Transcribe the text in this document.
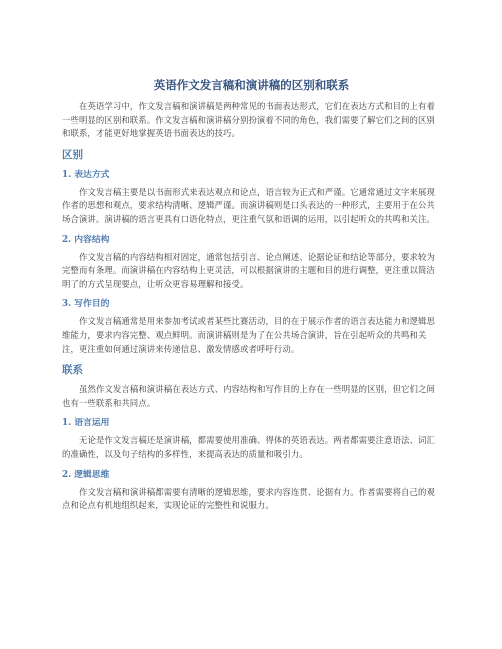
英语作文发言稿和演讲稿的区别和联系

在英语学习中，作文发言稿和演讲稿是两种常见的书面表达形式，它们在表达方式和目的上有着一些明显的区别和联系。作文发言稿和演讲稿分别扮演着不同的角色，我们需要了解它们之间的区别和联系，才能更好地掌握英语书面表达的技巧。

区别
1. 表达方式

作文发言稿主要是以书面形式来表达观点和论点，语言较为正式和严谨。它通常通过文字来展现作者的思想和观点，要求结构清晰、逻辑严谨。而演讲稿则是口头表达的一种形式，主要用于在公共场合演讲。演讲稿的语言更具有口语化特点，更注重气氛和语调的运用，以引起听众的共鸣和关注。

2. 内容结构

作文发言稿的内容结构相对固定，通常包括引言、论点阐述、论据论证和结论等部分，要求较为完整而有条理。而演讲稿在内容结构上更灵活，可以根据演讲的主题和目的进行调整，更注重以简洁明了的方式呈现要点，让听众更容易理解和接受。

3. 写作目的

作文发言稿通常是用来参加考试或者某些比赛活动，目的在于展示作者的语言表达能力和逻辑思维能力，要求内容完整、观点鲜明。而演讲稿则是为了在公共场合演讲，旨在引起听众的共鸣和关注，更注重如何通过演讲来传递信息、激发情感或者呼吁行动。

联系

虽然作文发言稿和演讲稿在表达方式、内容结构和写作目的上存在一些明显的区别，但它们之间也有一些联系和共同点。

1. 语言运用

无论是作文发言稿还是演讲稿，都需要使用准确、得体的英语表达。两者都需要注意语法、词汇的准确性，以及句子结构的多样性，来提高表达的质量和吸引力。

2. 逻辑思维

作文发言稿和演讲稿都需要有清晰的逻辑思维，要求内容连贯、论据有力。作者需要将自己的观点和论点有机地组织起来，实现论证的完整性和说服力。
